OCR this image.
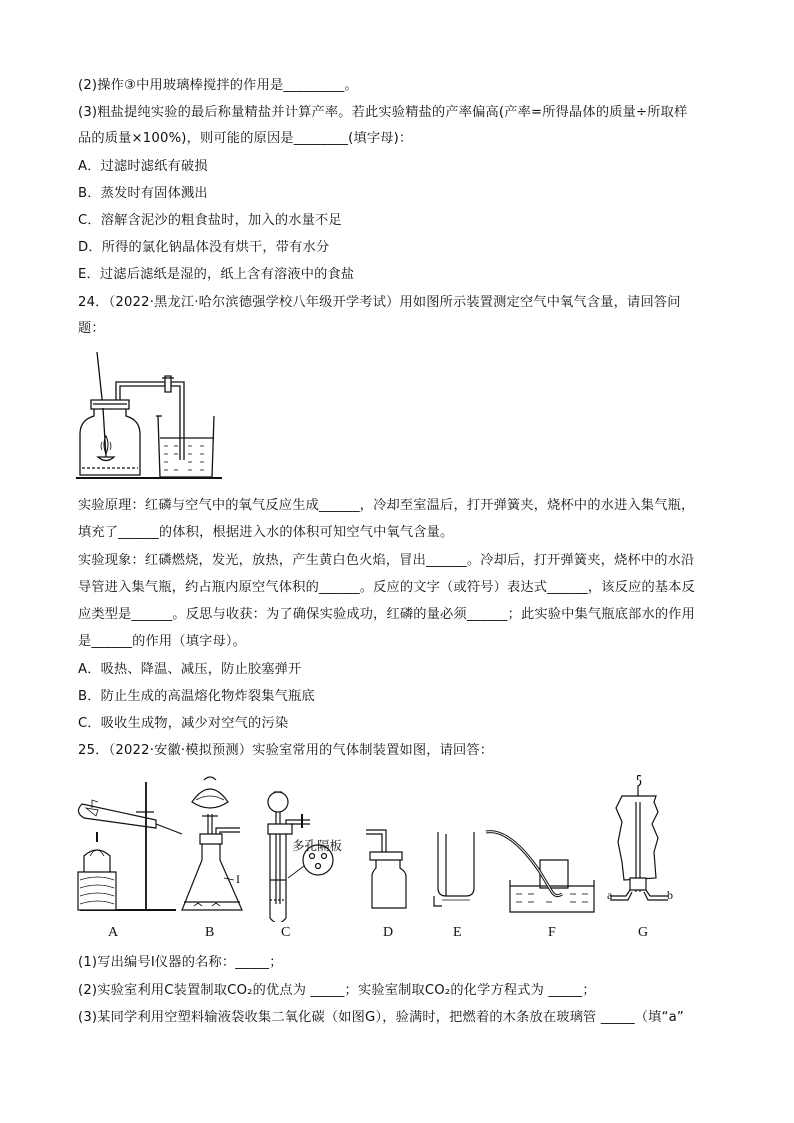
(2)操作③中用玻璃棒搅拌的作用是_________。
(3)粗盐提纯实验的最后称量精盐并计算产率。若此实验精盐的产率偏高(产率=所得晶体的质量÷所取样
品的质量×100%)，则可能的原因是________(填字母)：
A．过滤时滤纸有破损
B．蒸发时有固体溅出
C．溶解含泥沙的粗食盐时，加入的水量不足
D．所得的氯化钠晶体没有烘干，带有水分
E．过滤后滤纸是湿的，纸上含有溶液中的食盐
24．（2022·黑龙江·哈尔滨德强学校八年级开学考试）用如图所示装置测定空气中氧气含量，请回答问
题：
实验原理：红磷与空气中的氧气反应生成______，冷却至室温后，打开弹簧夹，烧杯中的水进入集气瓶，
填充了______的体积，根据进入水的体积可知空气中氧气含量。
实验现象：红磷燃烧，发光，放热，产生黄白色火焰，冒出______。冷却后，打开弹簧夹，烧杯中的水沿
导管进入集气瓶，约占瓶内原空气体积的______。反应的文字（或符号）表达式______，该反应的基本反
应类型是______。反思与收获：为了确保实验成功，红磷的量必须______；此实验中集气瓶底部水的作用
是______的作用（填字母）。
A．吸热、降温、减压，防止胶塞弹开
B．防止生成的高温熔化物炸裂集气瓶底
C．吸收生成物，减少对空气的污染
25．（2022·安徽·模拟预测）实验室常用的气体制装置如图，请回答：
A	B	C	D	E	F	G
I
多孔隔板
a	b
(1)写出编号Ⅰ仪器的名称：_____；
(2)实验室利用C装置制取CO₂的优点为 _____；实验室制取CO₂的化学方程式为 _____；
(3)某同学利用空塑料输液袋收集二氧化碳（如图G），验满时，把燃着的木条放在玻璃管 _____（填“a”
